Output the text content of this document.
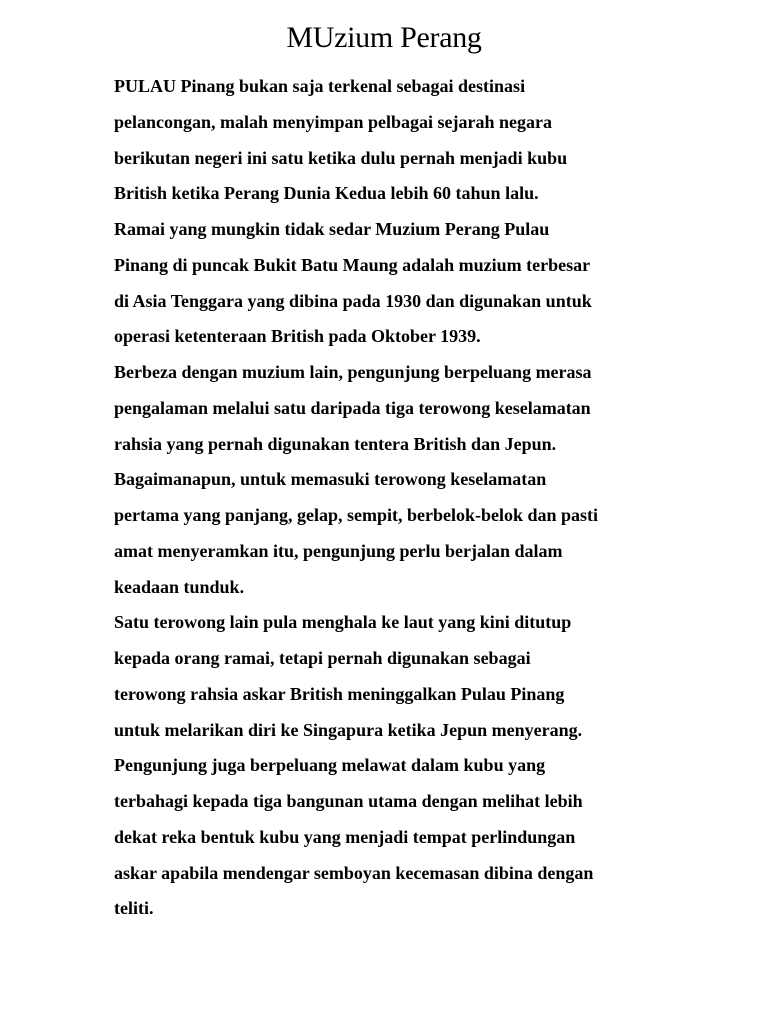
MUzium Perang
PULAU Pinang bukan saja terkenal sebagai destinasi
pelancongan, malah menyimpan pelbagai sejarah negara
berikutan negeri ini satu ketika dulu pernah menjadi kubu
British ketika Perang Dunia Kedua lebih 60 tahun lalu.
Ramai yang mungkin tidak sedar Muzium Perang Pulau
Pinang di puncak Bukit Batu Maung adalah muzium terbesar
di Asia Tenggara yang dibina pada 1930 dan digunakan untuk
operasi ketenteraan British pada Oktober 1939.
Berbeza dengan muzium lain, pengunjung berpeluang merasa
pengalaman melalui satu daripada tiga terowong keselamatan
rahsia yang pernah digunakan tentera British dan Jepun.
Bagaimanapun, untuk memasuki terowong keselamatan
pertama yang panjang, gelap, sempit, berbelok-belok dan pasti
amat menyeramkan itu, pengunjung perlu berjalan dalam
keadaan tunduk.
Satu terowong lain pula menghala ke laut yang kini ditutup
kepada orang ramai, tetapi pernah digunakan sebagai
terowong rahsia askar British meninggalkan Pulau Pinang
untuk melarikan diri ke Singapura ketika Jepun menyerang.
Pengunjung juga berpeluang melawat dalam kubu yang
terbahagi kepada tiga bangunan utama dengan melihat lebih
dekat reka bentuk kubu yang menjadi tempat perlindungan
askar apabila mendengar semboyan kecemasan dibina dengan
teliti.
